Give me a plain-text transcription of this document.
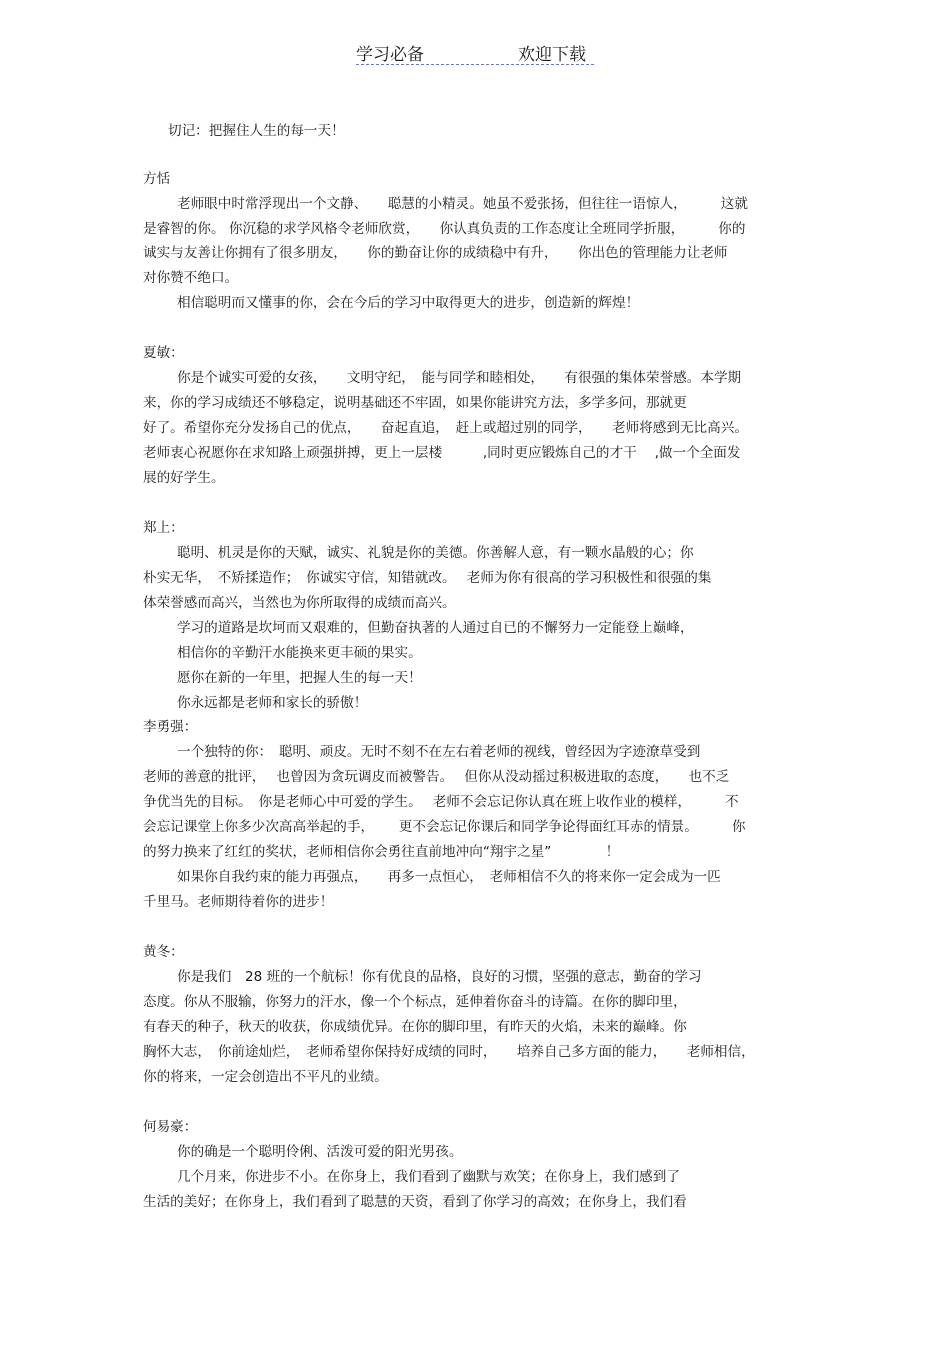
学习必备	欢迎下载
切记：把握住人生的每一天！
方恬
老师眼中时常浮现出一个文静、　　聪慧的小精灵。她虽不爱张扬，但往往一语惊人，　　　这就
是睿智的你。 你沉稳的求学风格令老师欣赏，　　你认真负责的工作态度让全班同学折服，　　　你的
诚实与友善让你拥有了很多朋友，　　你的勤奋让你的成绩稳中有升，　　你出色的管理能力让老师
对你赞不绝口。
相信聪明而又懂事的你，会在今后的学习中取得更大的进步，创造新的辉煌！
夏敏：
你是个诚实可爱的女孩，　　文明守纪，　能与同学和睦相处，　　有很强的集体荣誉感。本学期
来，你的学习成绩还不够稳定，说明基础还不牢固，如果你能讲究方法，多学多问，那就更
好了。希望你充分发扬自己的优点，　　奋起直追，　赶上或超过别的同学，　　老师将感到无比高兴。
老师衷心祝愿你在求知路上顽强拼搏，更上一层楼　　　,同时更应锻炼自己的才干　 ,做一个全面发
展的好学生。
郑上：
聪明、机灵是你的天赋，诚实、礼貌是你的美德。你善解人意，有一颗水晶般的心；你
朴实无华，　不矫揉造作；　你诚实守信，知错就改。　 老师为你有很高的学习积极性和很强的集
体荣誉感而高兴，当然也为你所取得的成绩而高兴。
学习的道路是坎坷而又艰难的，但勤奋执著的人通过自已的不懈努力一定能登上巅峰，
相信你的辛勤汗水能换来更丰硕的果实。
愿你在新的一年里，把握人生的每一天！
你永远都是老师和家长的骄傲！
李勇强：
一个独特的你：　聪明、顽皮。无时不刻不在左右着老师的视线，曾经因为字迹潦草受到
老师的善意的批评，　 也曾因为贪玩调皮而被警告。　 但你从没动摇过积极进取的态度，　　也不乏
争优当先的目标。　你是老师心中可爱的学生。　 老师不会忘记你认真在班上收作业的模样，　　　不
会忘记课堂上你多少次高高举起的手，　　 更不会忘记你课后和同学争论得面红耳赤的情景。　　　你
的努力换来了红红的奖状，老师相信你会勇往直前地冲向“翔宇之星”　　　　！
如果你自我约束的能力再强点，　　再多一点恒心，　老师相信不久的将来你一定会成为一匹
千里马。老师期待着你的进步！
黄冬：
你是我们　28 班的一个航标！你有优良的品格，良好的习惯，坚强的意志，勤奋的学习
态度。你从不服输，你努力的汗水，像一个个标点，延伸着你奋斗的诗篇。在你的脚印里，
有春天的种子，秋天的收获，你成绩优异。在你的脚印里，有昨天的火焰，未来的巅峰。你
胸怀大志，　你前途灿烂，　老师希望你保持好成绩的同时，　　培养自己多方面的能力，　　老师相信，
你的将来，一定会创造出不平凡的业绩。
何易豪：
你的确是一个聪明伶俐、活泼可爱的阳光男孩。
几个月来，你进步不小。在你身上，我们看到了幽默与欢笑；在你身上，我们感到了
生活的美好；在你身上，我们看到了聪慧的天资，看到了你学习的高效；在你身上，我们看
